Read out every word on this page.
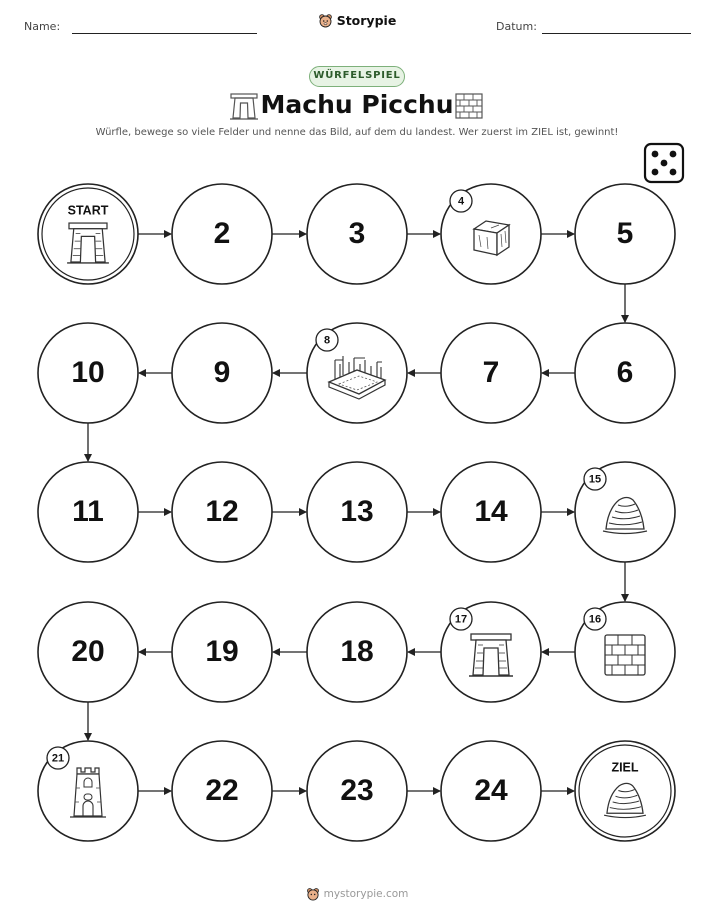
Name:	Storypie	Datum:
WÜRFELSPIEL
Machu Picchu
Würfle, bewege so viele Felder und nenne das Bild, auf dem du landest. Wer zuerst im ZIEL ist, gewinnt!
START
2	3
4
5
6
7
8
9
10
11	12	13	14
15
16
17
18
19
20
21
22	23	24
ZIEL
mystorypie.com
